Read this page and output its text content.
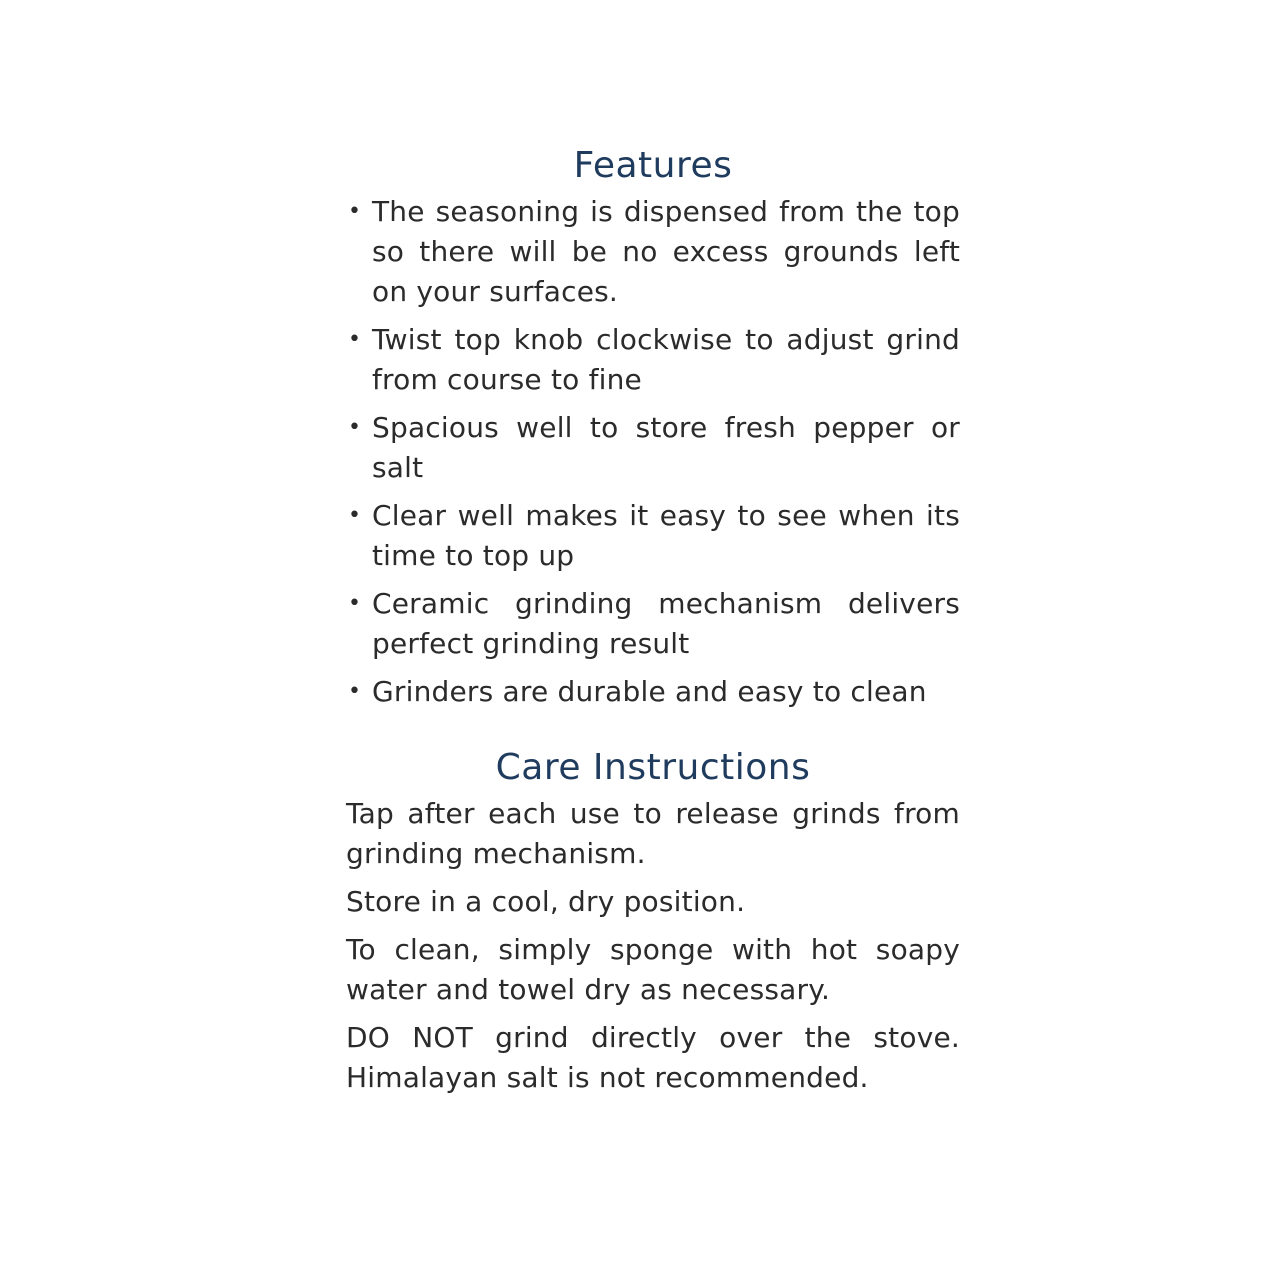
Features
• The seasoning is dispensed from the top so there will be no excess grounds left on your surfaces.
• Twist top knob clockwise to adjust grind from course to fine
• Spacious well to store fresh pepper or salt
• Clear well makes it easy to see when its time to top up
• Ceramic grinding mechanism delivers perfect grinding result
• Grinders are durable and easy to clean
Care Instructions

Tap after each use to release grinds from grinding mechanism.

Store in a cool, dry position.

To clean, simply sponge with hot soapy water and towel dry as necessary.

DO NOT grind directly over the stove. Himalayan salt is not recommended.
